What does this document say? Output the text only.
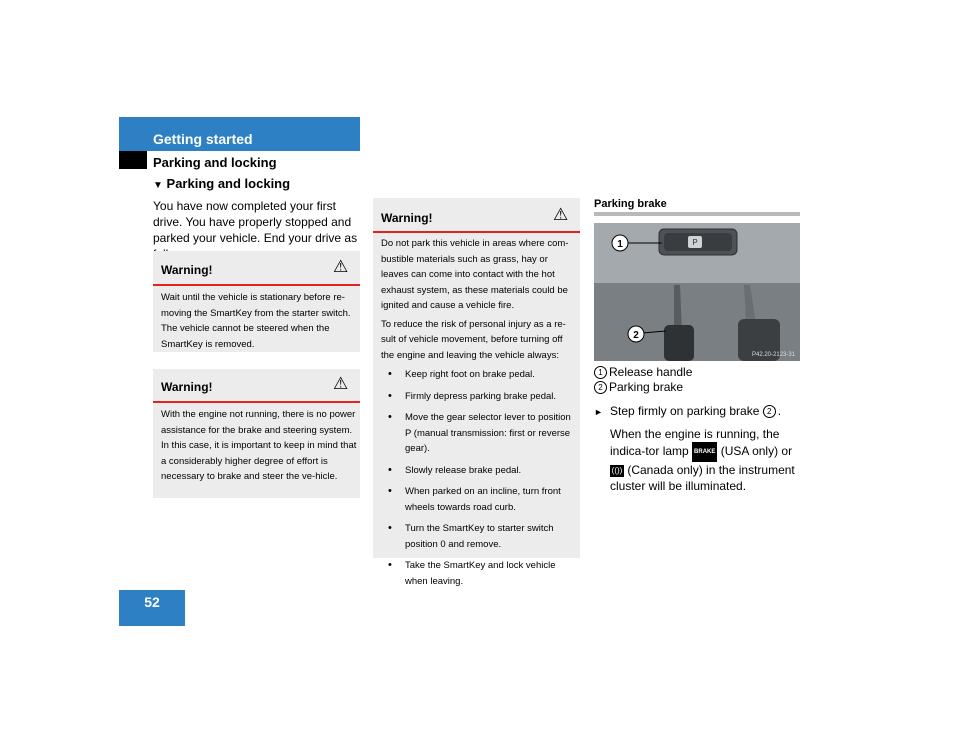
Getting started
Parking and locking
▼ Parking and locking
You have now completed your first drive. You have properly stopped and parked your vehicle. End your drive as
Warning!	⚠
Wait until the vehicle is stationary before re-moving the SmartKey from the starter switch. The vehicle cannot be steered when the SmartKey is removed.
Warning!	⚠
With the engine not running, there is no power assistance for the brake and steering system. In this case, it is important to keep in mind that a considerably higher degree of effort is necessary to brake and steer the ve-hicle.
Warning!	⚠
Do not park this vehicle in areas where com-bustible materials such as grass, hay or leaves can come into contact with the hot exhaust system, as these materials could be ignited and cause a vehicle fire.
To reduce the risk of personal injury as a re-sult of vehicle movement, before turning off the engine and leaving the vehicle always:
• Keep right foot on brake pedal.
• Firmly depress parking brake pedal.
• Move the gear selector lever to position P (manual transmission: first or reverse gear).
• Slowly release brake pedal.
• When parked on an incline, turn front wheels towards road curb.
• Turn the SmartKey to starter switch position 0 and remove.
• Take the SmartKey and lock vehicle when leaving.
Parking brake
P
1
2
P42.20-2123-31
1 Release handle
2 Parking brake
► Step firmly on parking brake 2 .
When the engine is running, the indica-tor lamp BRAKE (USA only) or (()) (Canada only) in the instrument cluster will be illuminated.
52
